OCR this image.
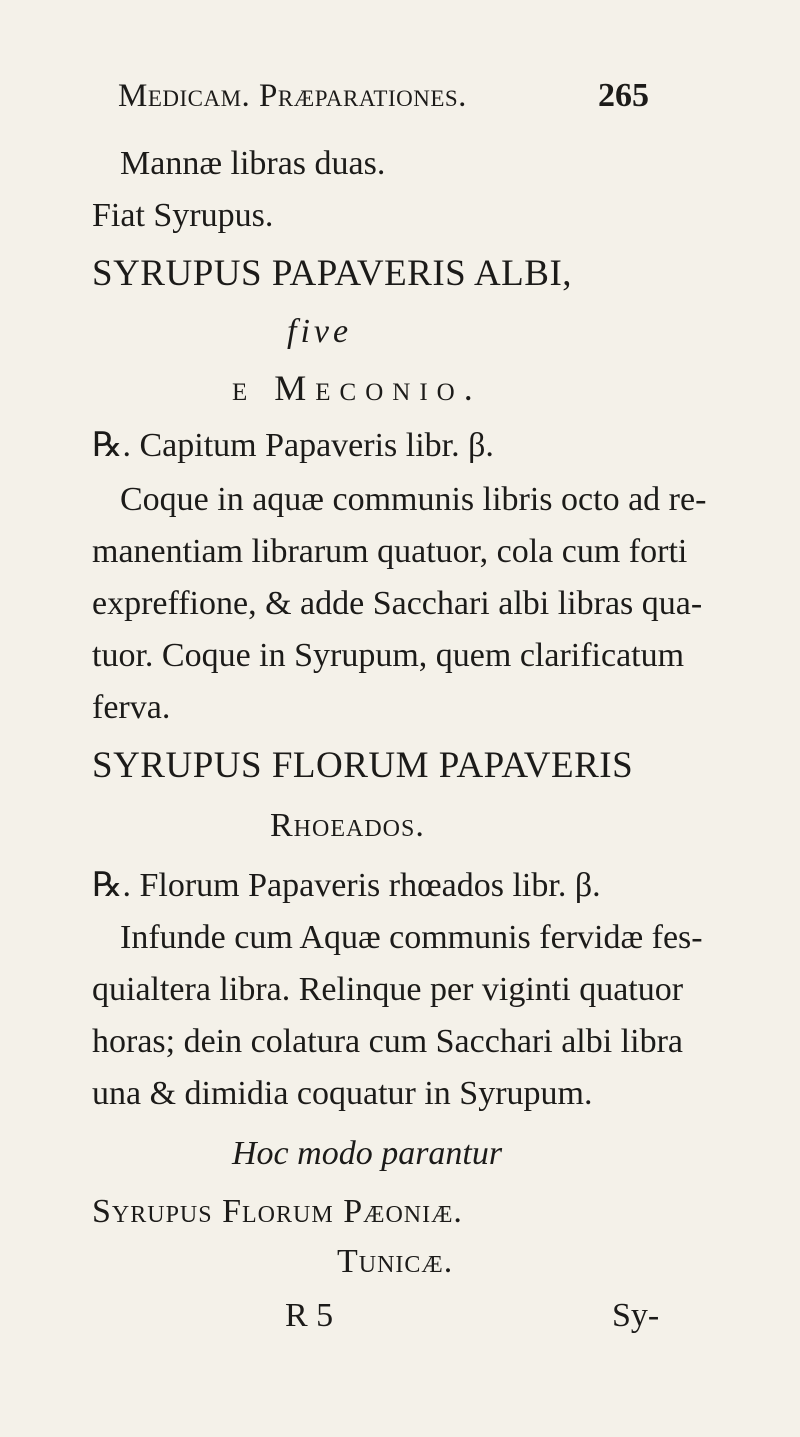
Medicam. Præparationes.	265
Mannæ libras duas.
Fiat Syrupus.
SYRUPUS PAPAVERIS ALBI,
five
e Meconio.
℞. Capitum Papaveris libr. β.
Coque in aquæ communis libris octo ad re-
manentiam librarum quatuor, cola cum forti
expreffione, & adde Sacchari albi libras qua-
tuor. Coque in Syrupum, quem clarificatum
ferva.
SYRUPUS FLORUM PAPAVERIS
Rhoeados.
℞. Florum Papaveris rhœados libr. β.
Infunde cum Aquæ communis fervidæ fes-
quialtera libra. Relinque per viginti quatuor
horas; dein colatura cum Sacchari albi libra
una & dimidia coquatur in Syrupum.
Hoc modo parantur
Syrupus Florum Pæoniæ.
Tunicæ.
R 5	Sy-
